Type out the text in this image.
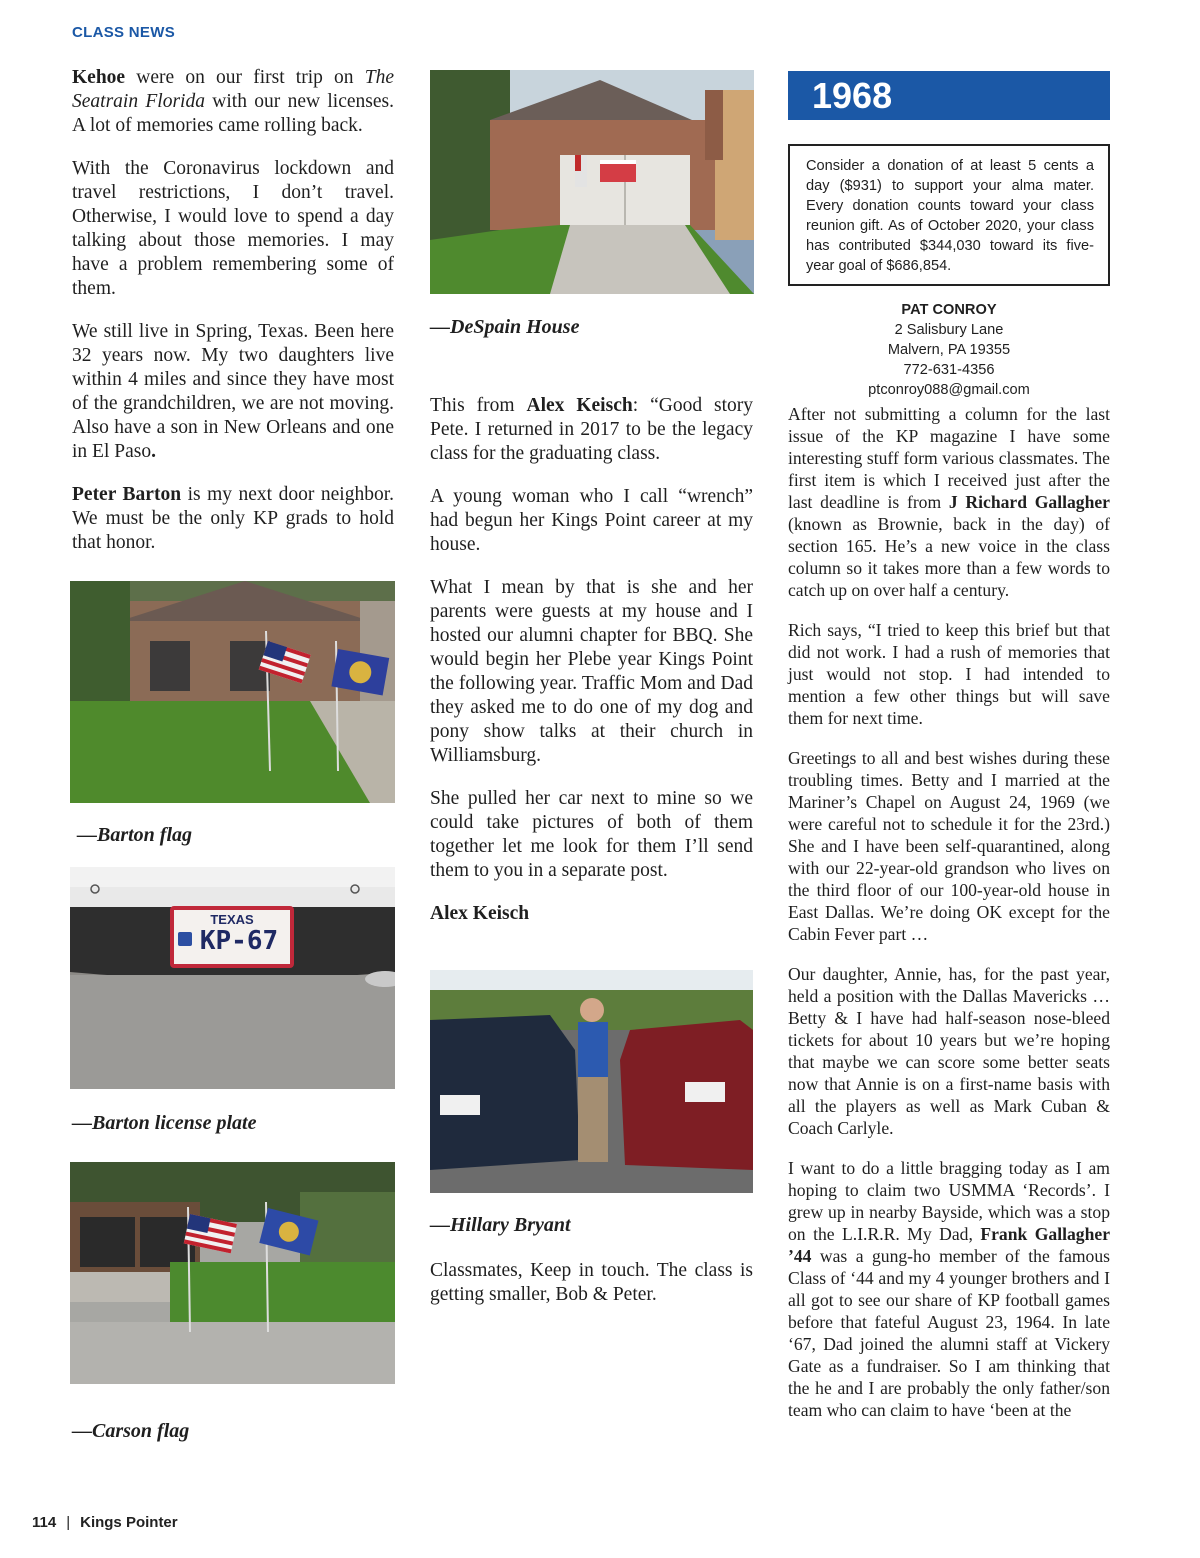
CLASS NEWS

Kehoe were on our first trip on The Seatrain Florida with our new licenses. A lot of memories came rolling back.

With the Coronavirus lockdown and travel restrictions, I don’t travel. Otherwise, I would love to spend a day talking about those memories. I may have a problem remembering some of them.

We still live in Spring, Texas. Been here 32 years now. My two daughters live within 4 miles and since they have most of the grandchildren, we are not moving. Also have a son in New Orleans and one in El Paso.

Peter Barton is my next door neighbor. We must be the only KP grads to hold that honor.

—Barton flag
TEXAS
KP-67
—Barton license plate
—Carson flag
—DeSpain House

This from Alex Keisch: “Good story Pete. I returned in 2017 to be the legacy class for the graduating class.

A young woman who I call “wrench” had begun her Kings Point career at my house.

What I mean by that is she and her parents were guests at my house and I hosted our alumni chapter for BBQ. She would begin her Plebe year Kings Point the following year. Traffic Mom and Dad they asked me to do one of my dog and pony show talks at their church in Williamsburg.

She pulled her car next to mine so we could take pictures of both of them together let me look for them I’ll send them to you in a separate post.

Alex Keisch

—Hillary Bryant

Classmates, Keep in touch. The class is getting smaller, Bob & Peter.

1968
Consider a donation of at least 5 cents a day ($931) to support your alma mater. Every donation counts toward your class reunion gift. As of October 2020, your class has contributed $344,030 toward its five-year goal of $686,854.
PAT CONROY
2 Salisbury Lane
Malvern, PA 19355
772-631-4356
ptconroy088@gmail.com

After not submitting a column for the last issue of the KP magazine I have some interesting stuff form various classmates. The first item is which I received just after the last deadline is from J Richard Gallagher (known as Brownie, back in the day) of section 165. He’s a new voice in the class column so it takes more than a few words to catch up on over half a century.

Rich says, “I tried to keep this brief but that did not work. I had a rush of memories that just would not stop. I had intended to mention a few other things but will save them for next time.

Greetings to all and best wishes during these troubling times. Betty and I married at the Mariner’s Chapel on August 24, 1969 (we were careful not to schedule it for the 23rd.) She and I have been self-quarantined, along with our 22-year-old grandson who lives on the third floor of our 100-year-old house in East Dallas. We’re doing OK except for the Cabin Fever part …

Our daughter, Annie, has, for the past year, held a position with the Dallas Mavericks … Betty & I have had half-season nose-bleed tickets for about 10 years but we’re hoping that maybe we can score some better seats now that Annie is on a first-name basis with all the players as well as Mark Cuban & Coach Carlyle.

I want to do a little bragging today as I am hoping to claim two USMMA ‘Records’. I grew up in nearby Bayside, which was a stop on the L.I.R.R. My Dad, Frank Gallagher ’44 was a gung-ho member of the famous Class of ‘44 and my 4 younger brothers and I all got to see our share of KP football games before that fateful August 23, 1964. In late ‘67, Dad joined the alumni staff at Vickery Gate as a fundraiser. So I am thinking that the he and I are probably the only father/son team who can claim to have ‘been at the

114 | Kings Pointer
